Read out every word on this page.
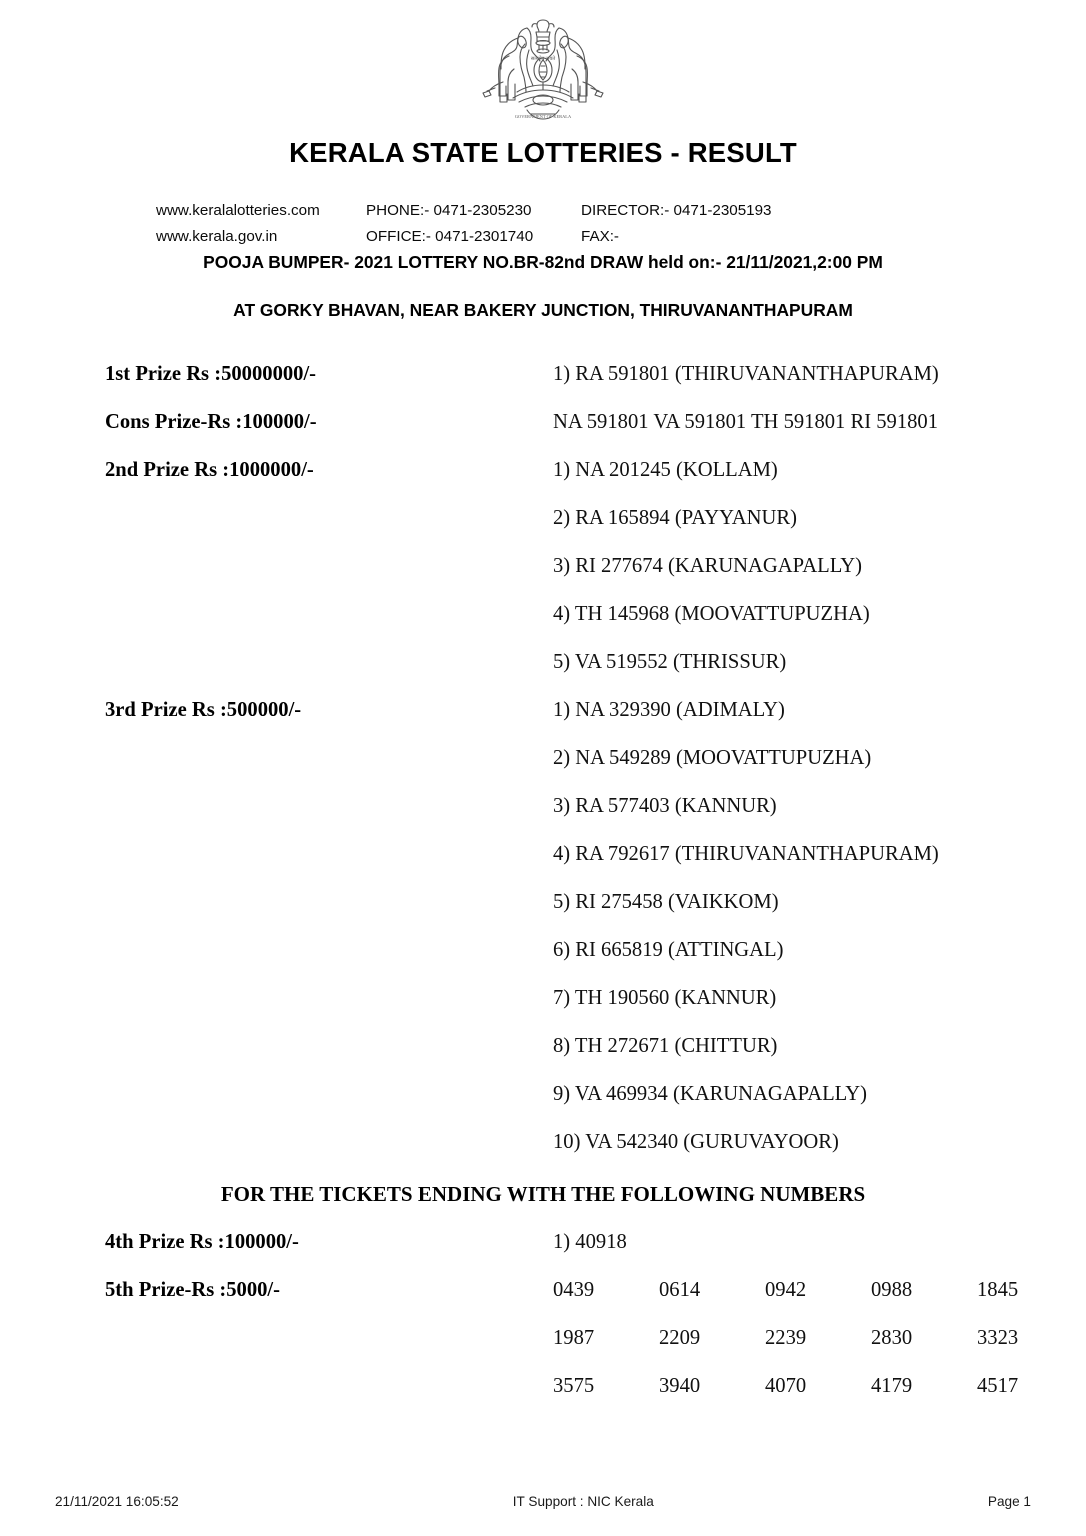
सत्यमेव जयते
GOVERNMENT OF KERALA
KERALA STATE LOTTERIES - RESULT
www.keralalotteries.com	PHONE:- 0471-2305230	DIRECTOR:- 0471-2305193
www.kerala.gov.in	OFFICE:- 0471-2301740	FAX:-
POOJA BUMPER- 2021 LOTTERY NO.BR-82nd DRAW held on:- 21/11/2021,2:00 PM
AT GORKY BHAVAN, NEAR BAKERY JUNCTION, THIRUVANANTHAPURAM
1st Prize Rs :50000000/-	1) RA 591801 (THIRUVANANTHAPURAM)
Cons Prize-Rs :100000/-	NA 591801 VA 591801 TH 591801 RI 591801
2nd Prize Rs :1000000/-	1) NA 201245 (KOLLAM)
2) RA 165894 (PAYYANUR)
3) RI 277674 (KARUNAGAPALLY)
4) TH 145968 (MOOVATTUPUZHA)
5) VA 519552 (THRISSUR)
3rd Prize Rs :500000/-	1) NA 329390 (ADIMALY)
2) NA 549289 (MOOVATTUPUZHA)
3) RA 577403 (KANNUR)
4) RA 792617 (THIRUVANANTHAPURAM)
5) RI 275458 (VAIKKOM)
6) RI 665819 (ATTINGAL)
7) TH 190560 (KANNUR)
8) TH 272671 (CHITTUR)
9) VA 469934 (KARUNAGAPALLY)
10) VA 542340 (GURUVAYOOR)
FOR THE TICKETS ENDING WITH THE FOLLOWING NUMBERS
4th Prize Rs :100000/-	1) 40918
5th Prize-Rs :5000/-	0439	0614	0942	0988	1845
1987	2209	2239	2830	3323
3575	3940	4070	4179	4517
21/11/2021 16:05:52	IT Support : NIC Kerala	Page 1
